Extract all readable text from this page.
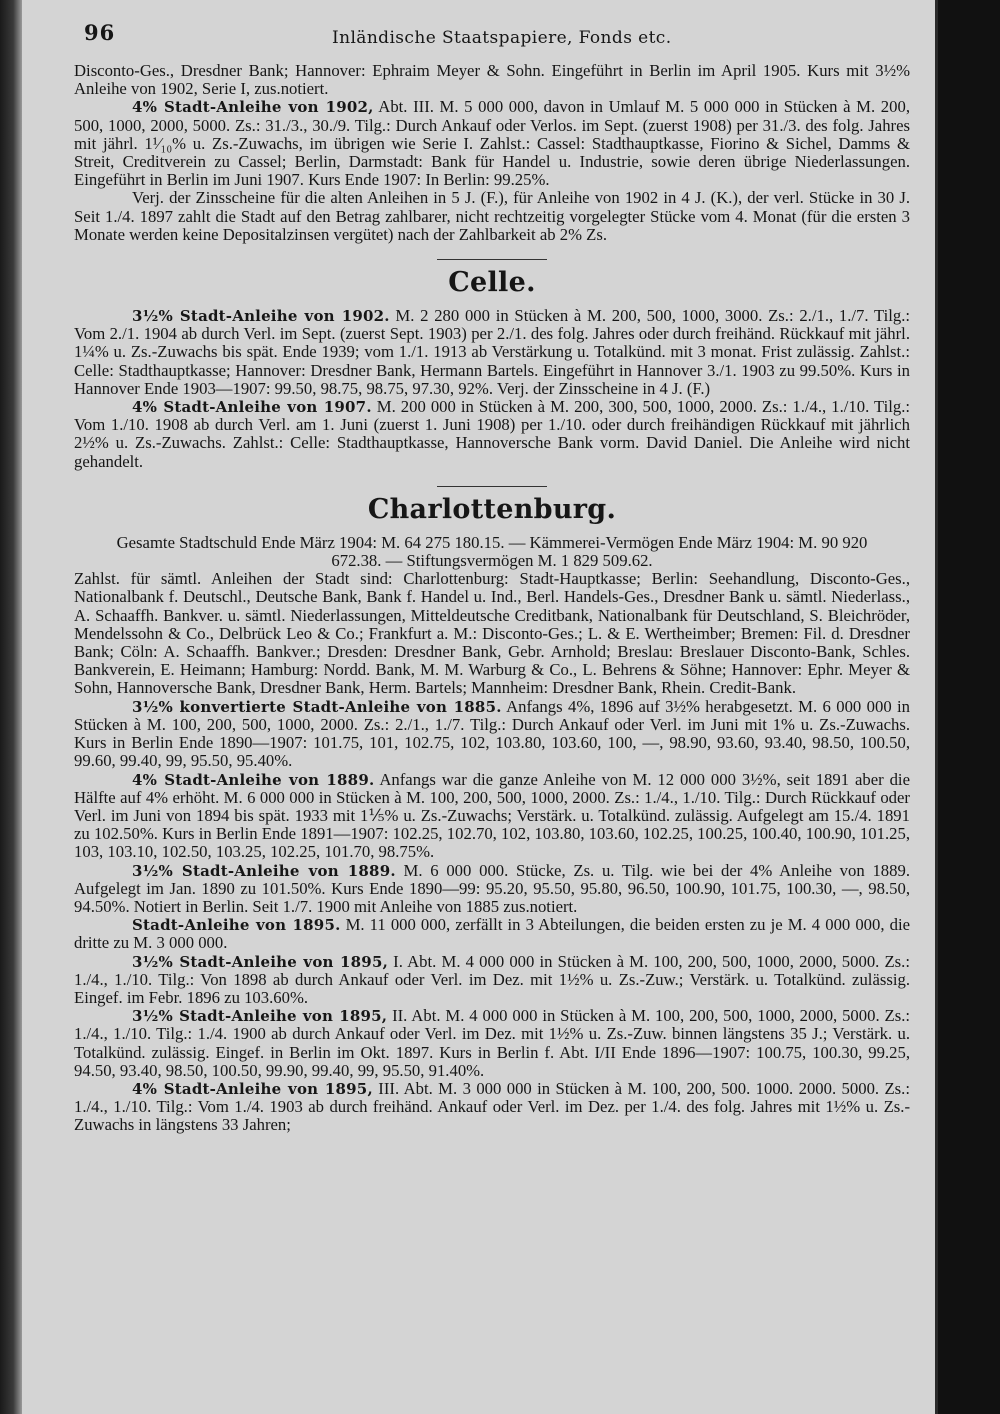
96	Inländische Staatspapiere, Fonds etc.

Disconto-Ges., Dresdner Bank; Hannover: Ephraim Meyer & Sohn. Eingeführt in Berlin im April 1905. Kurs mit 3½% Anleihe von 1902, Serie I, zus.notiert.

4% Stadt-Anleihe von 1902, Abt. III. M. 5 000 000, davon in Umlauf M. 5 000 000 in Stücken à M. 200, 500, 1000, 2000, 5000. Zs.: 31./3., 30./9. Tilg.: Durch Ankauf oder Verlos. im Sept. (zuerst 1908) per 31./3. des folg. Jahres mit jährl. 1¹⁄₁₀% u. Zs.-Zuwachs, im übrigen wie Serie I. Zahlst.: Cassel: Stadthauptkasse, Fiorino & Sichel, Damms & Streit, Creditverein zu Cassel; Berlin, Darmstadt: Bank für Handel u. Industrie, sowie deren übrige Niederlassungen. Eingeführt in Berlin im Juni 1907. Kurs Ende 1907: In Berlin: 99.25%.

Verj. der Zinsscheine für die alten Anleihen in 5 J. (F.), für Anleihe von 1902 in 4 J. (K.), der verl. Stücke in 30 J. Seit 1./4. 1897 zahlt die Stadt auf den Betrag zahlbarer, nicht rechtzeitig vorgelegter Stücke vom 4. Monat (für die ersten 3 Monate werden keine Depositalzinsen vergütet) nach der Zahlbarkeit ab 2% Zs.

Celle.

3½% Stadt-Anleihe von 1902. M. 2 280 000 in Stücken à M. 200, 500, 1000, 3000. Zs.: 2./1., 1./7. Tilg.: Vom 2./1. 1904 ab durch Verl. im Sept. (zuerst Sept. 1903) per 2./1. des folg. Jahres oder durch freihänd. Rückkauf mit jährl. 1¼% u. Zs.-Zuwachs bis spät. Ende 1939; vom 1./1. 1913 ab Verstärkung u. Totalkünd. mit 3 monat. Frist zulässig. Zahlst.: Celle: Stadthauptkasse; Hannover: Dresdner Bank, Hermann Bartels. Eingeführt in Hannover 3./1. 1903 zu 99.50%. Kurs in Hannover Ende 1903—1907: 99.50, 98.75, 98.75, 97.30, 92%. Verj. der Zinsscheine in 4 J. (F.)

4% Stadt-Anleihe von 1907. M. 200 000 in Stücken à M. 200, 300, 500, 1000, 2000. Zs.: 1./4., 1./10. Tilg.: Vom 1./10. 1908 ab durch Verl. am 1. Juni (zuerst 1. Juni 1908) per 1./10. oder durch freihändigen Rückkauf mit jährlich 2½% u. Zs.-Zuwachs. Zahlst.: Celle: Stadthauptkasse, Hannoversche Bank vorm. David Daniel. Die Anleihe wird nicht gehandelt.

Charlottenburg.

Gesamte Stadtschuld Ende März 1904: M. 64 275 180.15. — Kämmerei-Vermögen Ende März 1904: M. 90 920 672.38. — Stiftungsvermögen M. 1 829 509.62.

Zahlst. für sämtl. Anleihen der Stadt sind: Charlottenburg: Stadt-Hauptkasse; Berlin: Seehandlung, Disconto-Ges., Nationalbank f. Deutschl., Deutsche Bank, Bank f. Handel u. Ind., Berl. Handels-Ges., Dresdner Bank u. sämtl. Niederlass., A. Schaaffh. Bankver. u. sämtl. Niederlassungen, Mitteldeutsche Creditbank, Nationalbank für Deutschland, S. Bleichröder, Mendelssohn & Co., Delbrück Leo & Co.; Frankfurt a. M.: Disconto-Ges.; L. & E. Wertheimber; Bremen: Fil. d. Dresdner Bank; Cöln: A. Schaaffh. Bankver.; Dresden: Dresdner Bank, Gebr. Arnhold; Breslau: Breslauer Disconto-Bank, Schles. Bankverein, E. Heimann; Hamburg: Nordd. Bank, M. M. Warburg & Co., L. Behrens & Söhne; Hannover: Ephr. Meyer & Sohn, Hannoversche Bank, Dresdner Bank, Herm. Bartels; Mannheim: Dresdner Bank, Rhein. Credit-Bank.

3½% konvertierte Stadt-Anleihe von 1885. Anfangs 4%, 1896 auf 3½% herabgesetzt. M. 6 000 000 in Stücken à M. 100, 200, 500, 1000, 2000. Zs.: 2./1., 1./7. Tilg.: Durch Ankauf oder Verl. im Juni mit 1% u. Zs.-Zuwachs. Kurs in Berlin Ende 1890—1907: 101.75, 101, 102.75, 102, 103.80, 103.60, 100, —, 98.90, 93.60, 93.40, 98.50, 100.50, 99.60, 99.40, 99, 95.50, 95.40%.

4% Stadt-Anleihe von 1889. Anfangs war die ganze Anleihe von M. 12 000 000 3½%, seit 1891 aber die Hälfte auf 4% erhöht. M. 6 000 000 in Stücken à M. 100, 200, 500, 1000, 2000. Zs.: 1./4., 1./10. Tilg.: Durch Rückkauf oder Verl. im Juni von 1894 bis spät. 1933 mit 1⅕% u. Zs.-Zuwachs; Verstärk. u. Totalkünd. zulässig. Aufgelegt am 15./4. 1891 zu 102.50%. Kurs in Berlin Ende 1891—1907: 102.25, 102.70, 102, 103.80, 103.60, 102.25, 100.25, 100.40, 100.90, 101.25, 103, 103.10, 102.50, 103.25, 102.25, 101.70, 98.75%.

3½% Stadt-Anleihe von 1889. M. 6 000 000. Stücke, Zs. u. Tilg. wie bei der 4% Anleihe von 1889. Aufgelegt im Jan. 1890 zu 101.50%. Kurs Ende 1890—99: 95.20, 95.50, 95.80, 96.50, 100.90, 101.75, 100.30, —, 98.50, 94.50%. Notiert in Berlin. Seit 1./7. 1900 mit Anleihe von 1885 zus.notiert.

Stadt-Anleihe von 1895. M. 11 000 000, zerfällt in 3 Abteilungen, die beiden ersten zu je M. 4 000 000, die dritte zu M. 3 000 000.

3½% Stadt-Anleihe von 1895, I. Abt. M. 4 000 000 in Stücken à M. 100, 200, 500, 1000, 2000, 5000. Zs.: 1./4., 1./10. Tilg.: Von 1898 ab durch Ankauf oder Verl. im Dez. mit 1½% u. Zs.-Zuw.; Verstärk. u. Totalkünd. zulässig. Eingef. im Febr. 1896 zu 103.60%.

3½% Stadt-Anleihe von 1895, II. Abt. M. 4 000 000 in Stücken à M. 100, 200, 500, 1000, 2000, 5000. Zs.: 1./4., 1./10. Tilg.: 1./4. 1900 ab durch Ankauf oder Verl. im Dez. mit 1½% u. Zs.-Zuw. binnen längstens 35 J.; Verstärk. u. Totalkünd. zulässig. Eingef. in Berlin im Okt. 1897. Kurs in Berlin f. Abt. I/II Ende 1896—1907: 100.75, 100.30, 99.25, 94.50, 93.40, 98.50, 100.50, 99.90, 99.40, 99, 95.50, 91.40%.

4% Stadt-Anleihe von 1895, III. Abt. M. 3 000 000 in Stücken à M. 100, 200, 500. 1000. 2000. 5000. Zs.: 1./4., 1./10. Tilg.: Vom 1./4. 1903 ab durch freihänd. Ankauf oder Verl. im Dez. per 1./4. des folg. Jahres mit 1½% u. Zs.-Zuwachs in längstens 33 Jahren;
